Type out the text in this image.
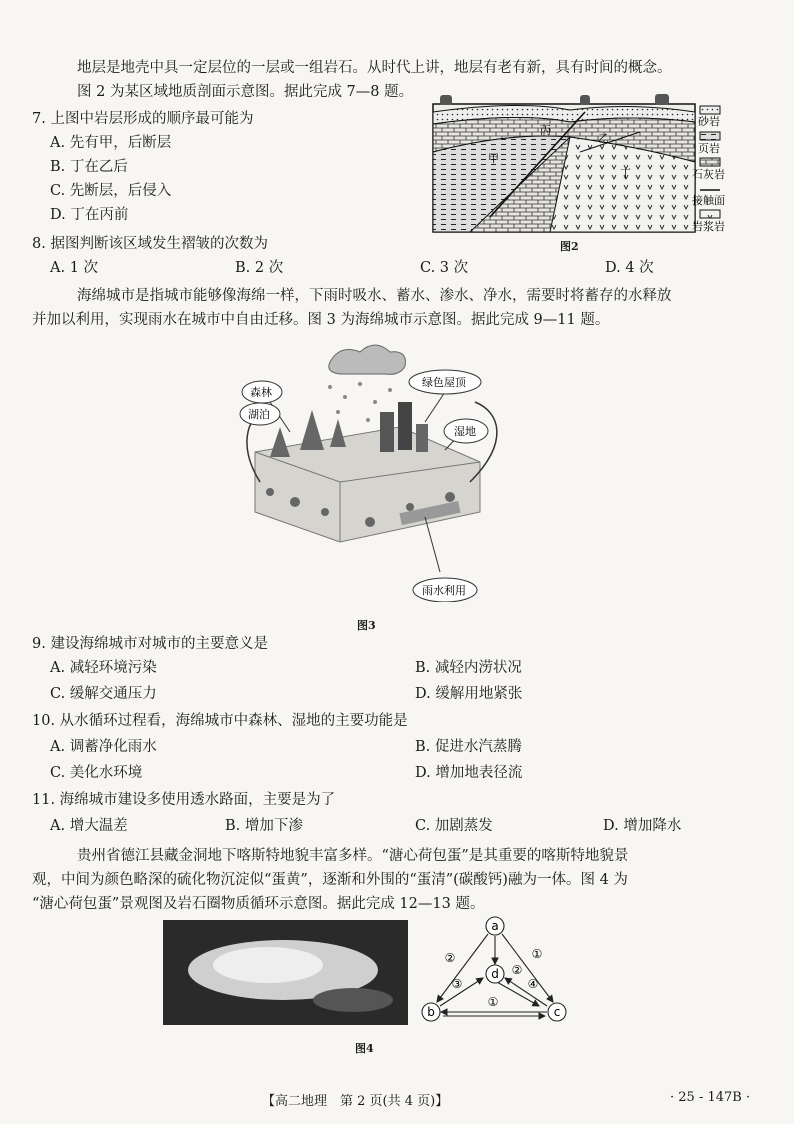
地层是地壳中具一定层位的一层或一组岩石。从时代上讲，地层有老有新，具有时间的概念。
图 2 为某区域地质剖面示意图。据此完成 7—8 题。
甲
乙
丙
丁
砂岩
页岩
石灰岩
接触面
岩浆岩
图2
7. 上图中岩层形成的顺序最可能为
A. 先有甲，后断层
B. 丁在乙后
C. 先断层，后侵入
D. 丁在丙前
8. 据图判断该区域发生褶皱的次数为
A. 1 次	B. 2 次	C. 3 次	D. 4 次
海绵城市是指城市能够像海绵一样，下雨时吸水、蓄水、渗水、净水，需要时将蓄存的水释放
并加以利用，实现雨水在城市中自由迁移。图 3 为海绵城市示意图。据此完成 9—11 题。
森林
湖泊
绿色屋顶
湿地
雨水利用
图3
9. 建设海绵城市对城市的主要意义是
A. 减轻环境污染	B. 减轻内涝状况
C. 缓解交通压力	D. 缓解用地紧张
10. 从水循环过程看，海绵城市中森林、湿地的主要功能是
A. 调蓄净化雨水	B. 促进水汽蒸腾
C. 美化水环境	D. 增加地表径流
11. 海绵城市建设多使用透水路面，主要是为了
A. 增大温差	B. 增加下渗	C. 加剧蒸发	D. 增加降水
贵州省德江县藏金洞地下喀斯特地貌丰富多样。“溏心荷包蛋”是其重要的喀斯特地貌景
观，中间为颜色略深的硫化物沉淀似“蛋黄”，逐渐和外围的“蛋清”(碳酸钙)融为一体。图 4 为
“溏心荷包蛋”景观图及岩石圈物质循环示意图。据此完成 12—13 题。
a
b	c
d
②	①
③
②
④
①
图4
【高二地理　第 2 页(共 4 页)】	· 25 - 147B ·
